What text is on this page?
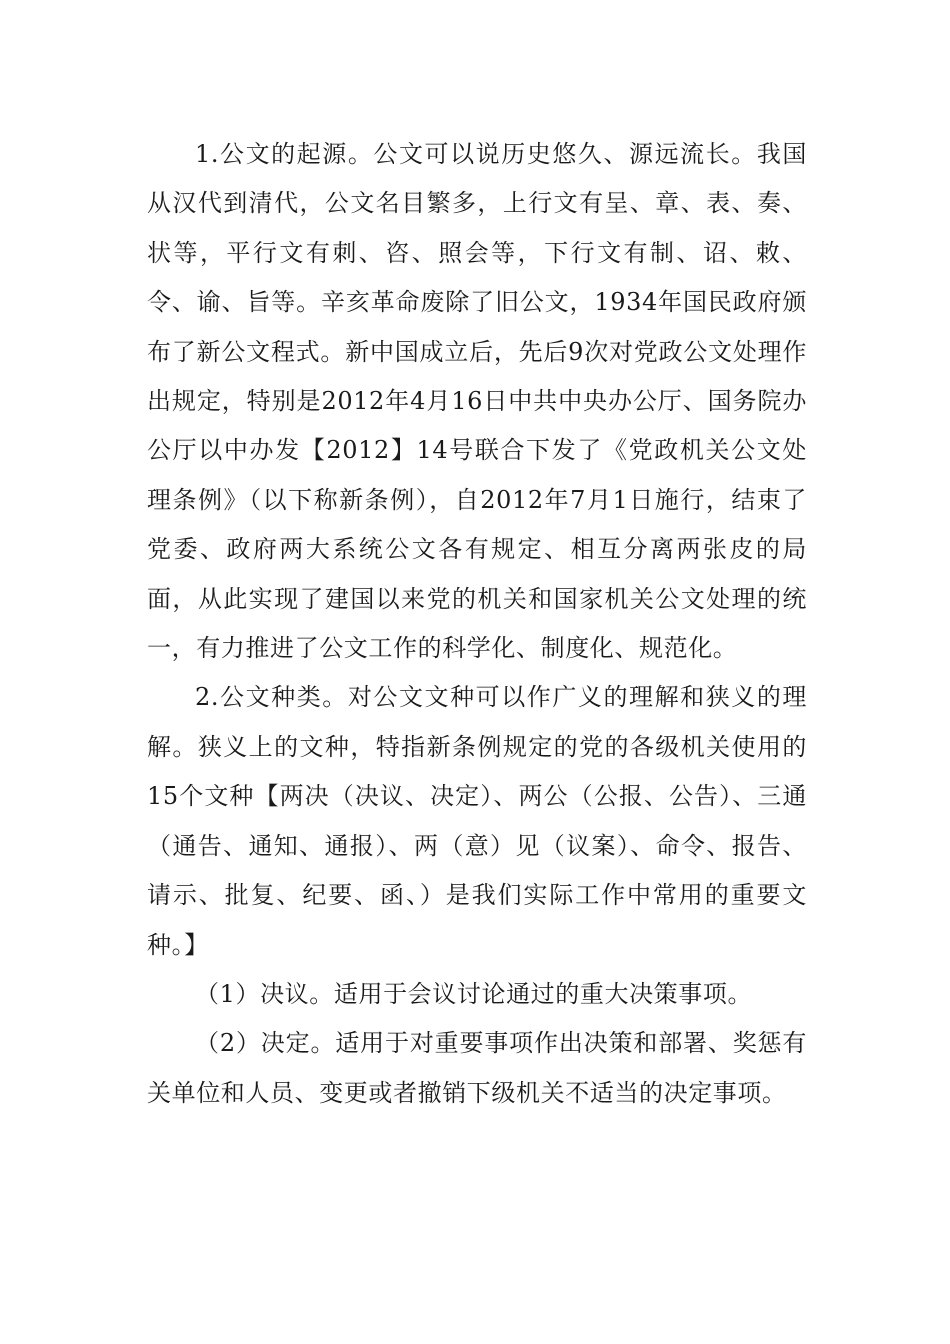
1.公文的起源。公文可以说历史悠久、源远流长。我国从汉代到清代，公文名目繁多，上行文有呈、章、表、奏、状等，平行文有刺、咨、照会等，下行文有制、诏、敕、令、谕、旨等。辛亥革命废除了旧公文，1934年国民政府颁布了新公文程式。新中国成立后，先后9次对党政公文处理作出规定，特别是2012年4月16日中共中央办公厅、国务院办公厅以中办发【2012】14号联合下发了《党政机关公文处理条例》（以下称新条例），自2012年7月1日施行，结束了党委、政府两大系统公文各有规定、相互分离两张皮的局面，从此实现了建国以来党的机关和国家机关公文处理的统一，有力推进了公文工作的科学化、制度化、规范化。

2.公文种类。对公文文种可以作广义的理解和狭义的理解。狭义上的文种，特指新条例规定的党的各级机关使用的15个文种【两决（决议、决定）、两公（公报、公告）、三通（通告、通知、通报）、两（意）见（议案）、命令、报告、请示、批复、纪要、函、）是我们实际工作中常用的重要文种。】

（1）决议。适用于会议讨论通过的重大决策事项。

（2）决定。适用于对重要事项作出决策和部署、奖惩有关单位和人员、变更或者撤销下级机关不适当的决定事项。
